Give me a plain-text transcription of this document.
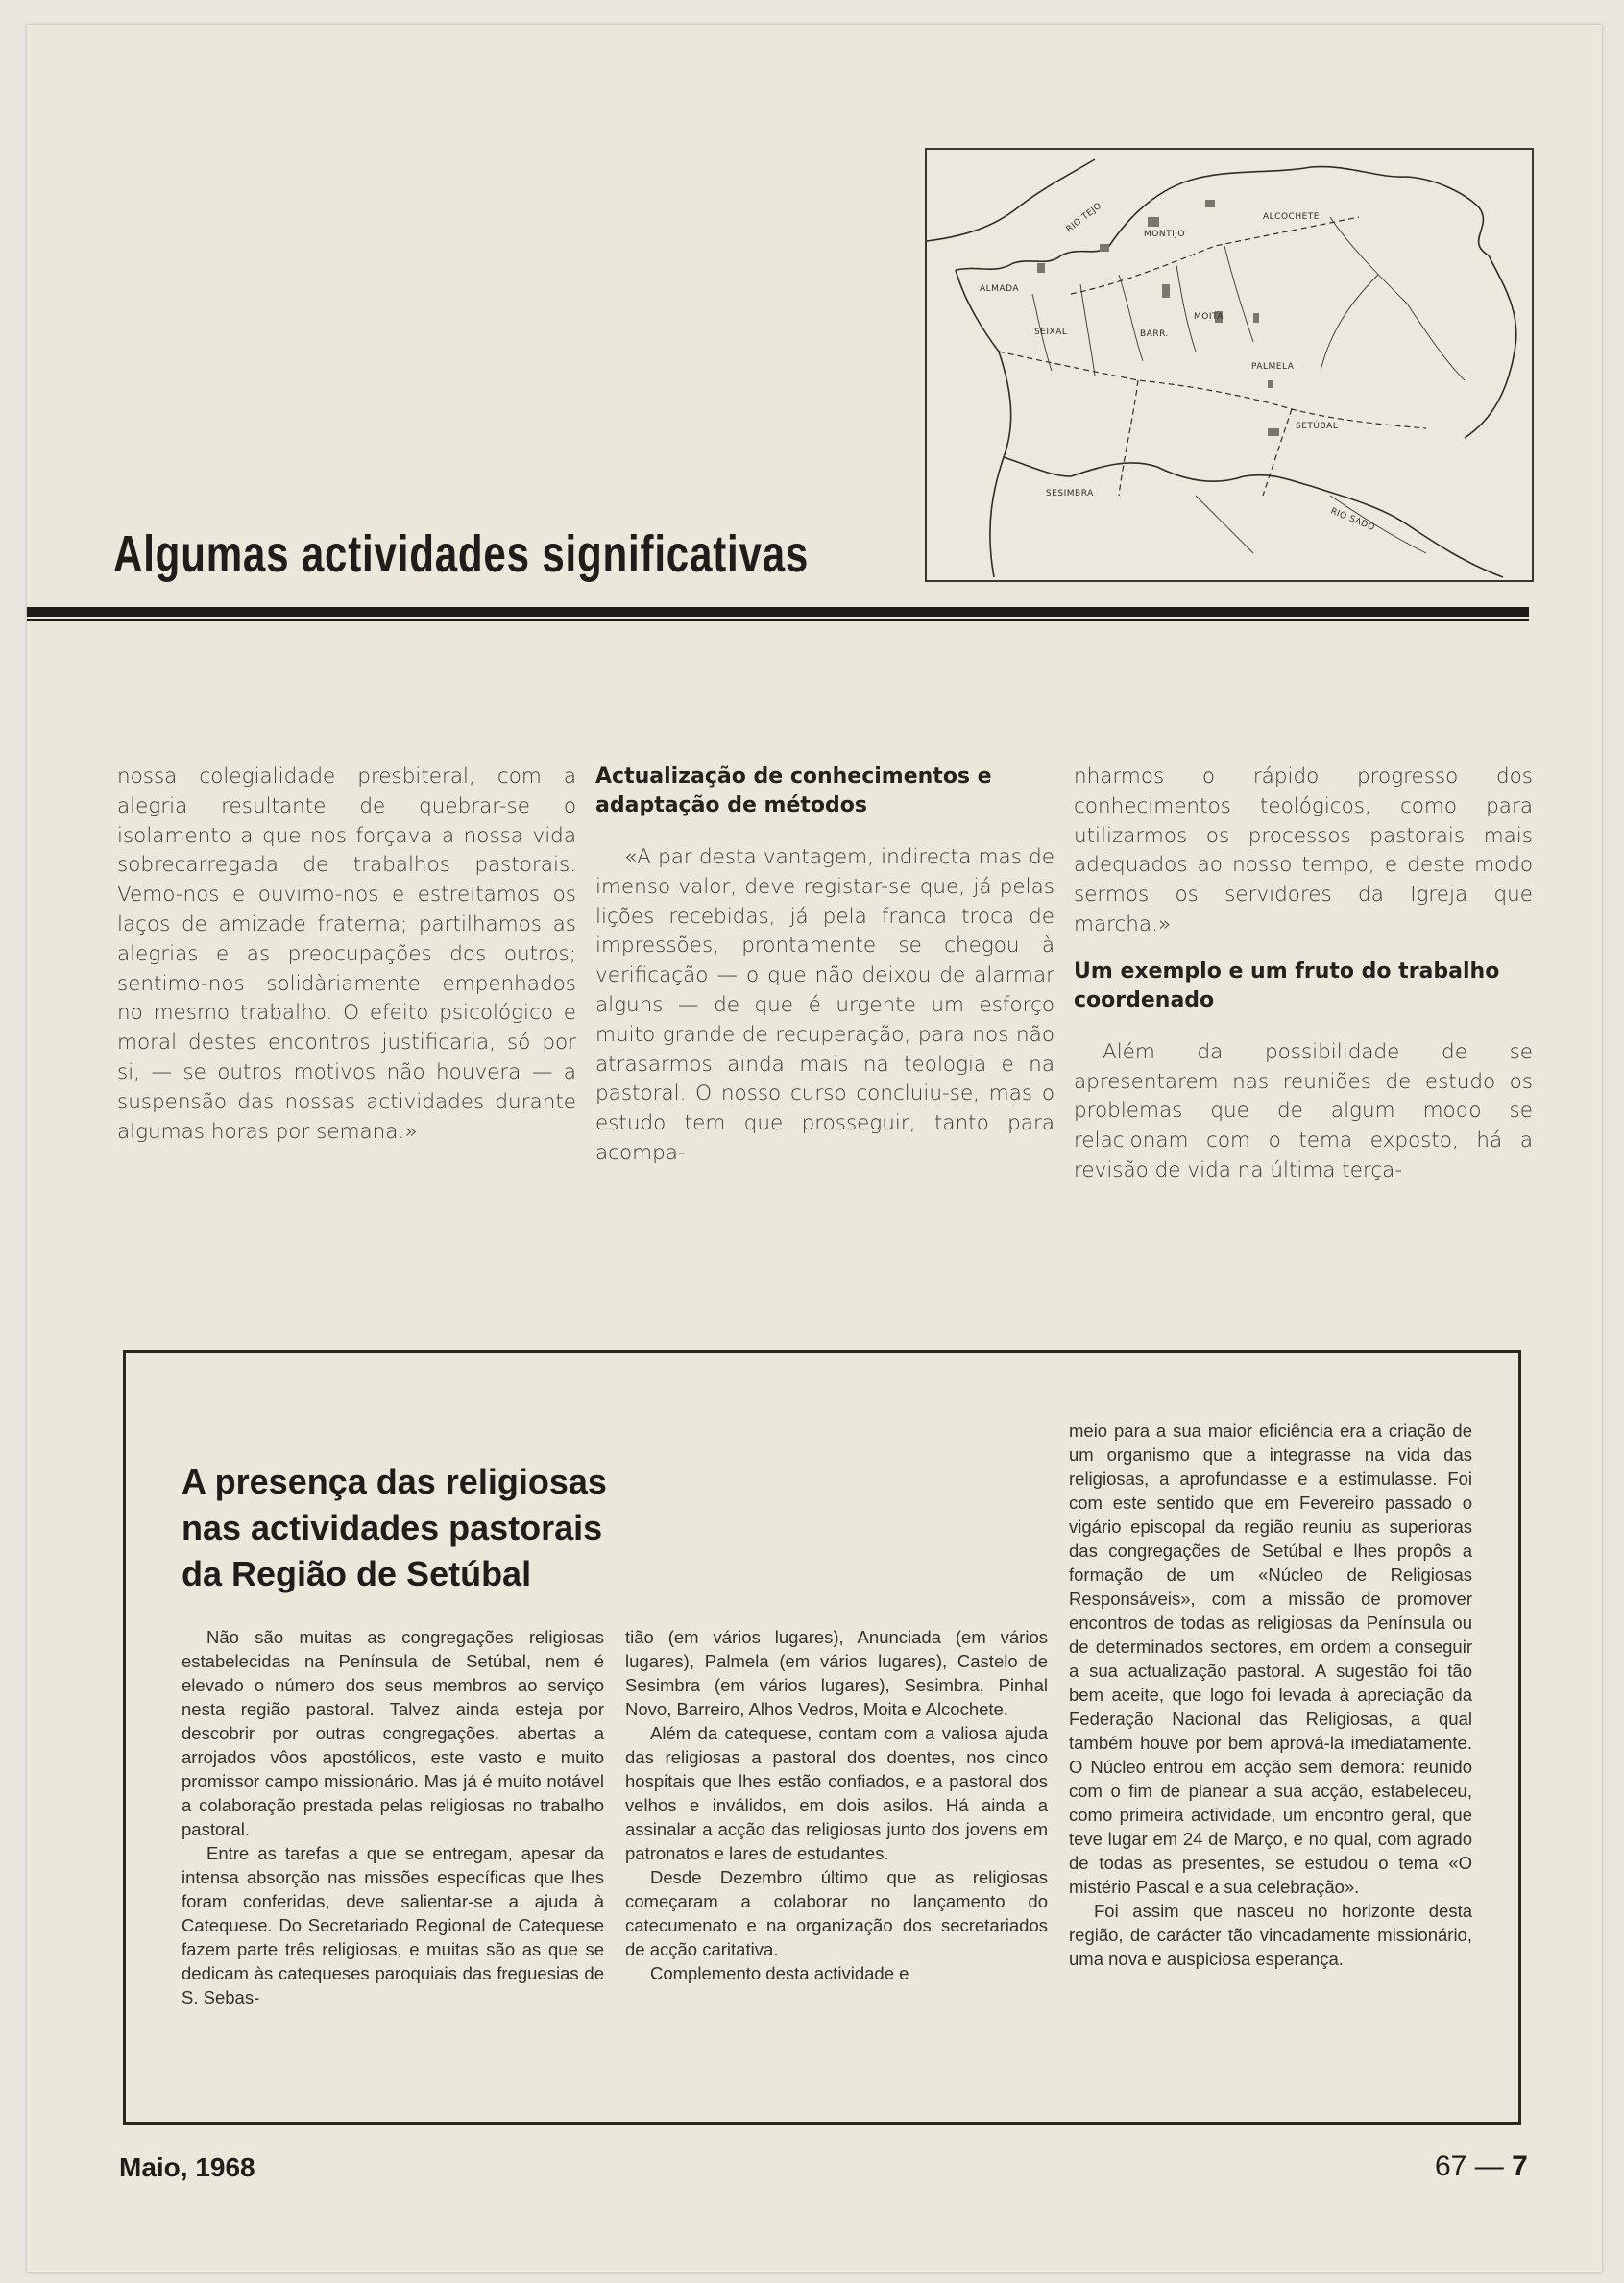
RIO TEJO	MONTIJO
ALCOCHETE
ALMADA
SEIXAL	BARR.
MOITA
PALMELA
SETÚBAL
SESIMBRA
RIO SADO
Algumas actividades significativas

nossa colegialidade presbiteral, com a alegria resultante de quebrar-se o isolamento a que nos forçava a nossa vida sobrecarregada de trabalhos pastorais. Vemo-nos e ouvimo-nos e estreitamos os laços de amizade fraterna; partilhamos as alegrias e as preocupações dos outros; sentimo-nos solidàriamente empenhados no mesmo trabalho. O efeito psicológico e moral destes encontros justificaria, só por si, — se outros motivos não houvera — a suspensão das nossas actividades durante algumas horas por semana.»

Actualização de conhecimentos e adaptação de métodos

«A par desta vantagem, indirecta mas de imenso valor, deve registar-se que, já pelas lições recebidas, já pela franca troca de impressões, prontamente se chegou à verificação — o que não deixou de alarmar alguns — de que é urgente um esforço muito grande de recuperação, para nos não atrasarmos ainda mais na teologia e na pastoral. O nosso curso concluiu-se, mas o estudo tem que prosseguir, tanto para acompa-

nharmos o rápido progresso dos conhecimentos teológicos, como para utilizarmos os processos pastorais mais adequados ao nosso tempo, e deste modo sermos os servidores da Igreja que marcha.»

Um exemplo e um fruto do trabalho coordenado

Além da possibilidade de se apresentarem nas reuniões de estudo os problemas que de algum modo se relacionam com o tema exposto, há a revisão de vida na última terça-

A presença das religiosas nas actividades pastorais da Região de Setúbal

Não são muitas as congregações religiosas estabelecidas na Península de Setúbal, nem é elevado o número dos seus membros ao serviço nesta região pastoral. Talvez ainda esteja por descobrir por outras congregações, abertas a arrojados vôos apostólicos, este vasto e muito promissor campo missionário. Mas já é muito notável a colaboração prestada pelas religiosas no trabalho pastoral.

Entre as tarefas a que se entregam, apesar da intensa absorção nas missões específicas que lhes foram conferidas, deve salientar-se a ajuda à Catequese. Do Secretariado Regional de Catequese fazem parte três religiosas, e muitas são as que se dedicam às catequeses paroquiais das freguesias de S. Sebas-

tião (em vários lugares), Anunciada (em vários lugares), Palmela (em vários lugares), Castelo de Sesimbra (em vários lugares), Sesimbra, Pinhal Novo, Barreiro, Alhos Vedros, Moita e Alcochete.

Além da catequese, contam com a valiosa ajuda das religiosas a pastoral dos doentes, nos cinco hospitais que lhes estão confiados, e a pastoral dos velhos e inválidos, em dois asilos. Há ainda a assinalar a acção das religiosas junto dos jovens em patronatos e lares de estudantes.

Desde Dezembro último que as religiosas começaram a colaborar no lançamento do catecumenato e na organização dos secretariados de acção caritativa.

Complemento desta actividade e

meio para a sua maior eficiência era a criação de um organismo que a integrasse na vida das religiosas, a aprofundasse e a estimulasse. Foi com este sentido que em Fevereiro passado o vigário episcopal da região reuniu as superioras das congregações de Setúbal e lhes propôs a formação de um «Núcleo de Religiosas Responsáveis», com a missão de promover encontros de todas as religiosas da Península ou de determinados sectores, em ordem a conseguir a sua actualização pastoral. A sugestão foi tão bem aceite, que logo foi levada à apreciação da Federação Nacional das Religiosas, a qual também houve por bem aprová-la imediatamente. O Núcleo entrou em acção sem demora: reunido com o fim de planear a sua acção, estabeleceu, como primeira actividade, um encontro geral, que teve lugar em 24 de Março, e no qual, com agrado de todas as presentes, se estudou o tema «O mistério Pascal e a sua celebração».

Foi assim que nasceu no horizonte desta região, de carácter tão vincadamente missionário, uma nova e auspiciosa esperança.

Maio, 1968	67 — 7
